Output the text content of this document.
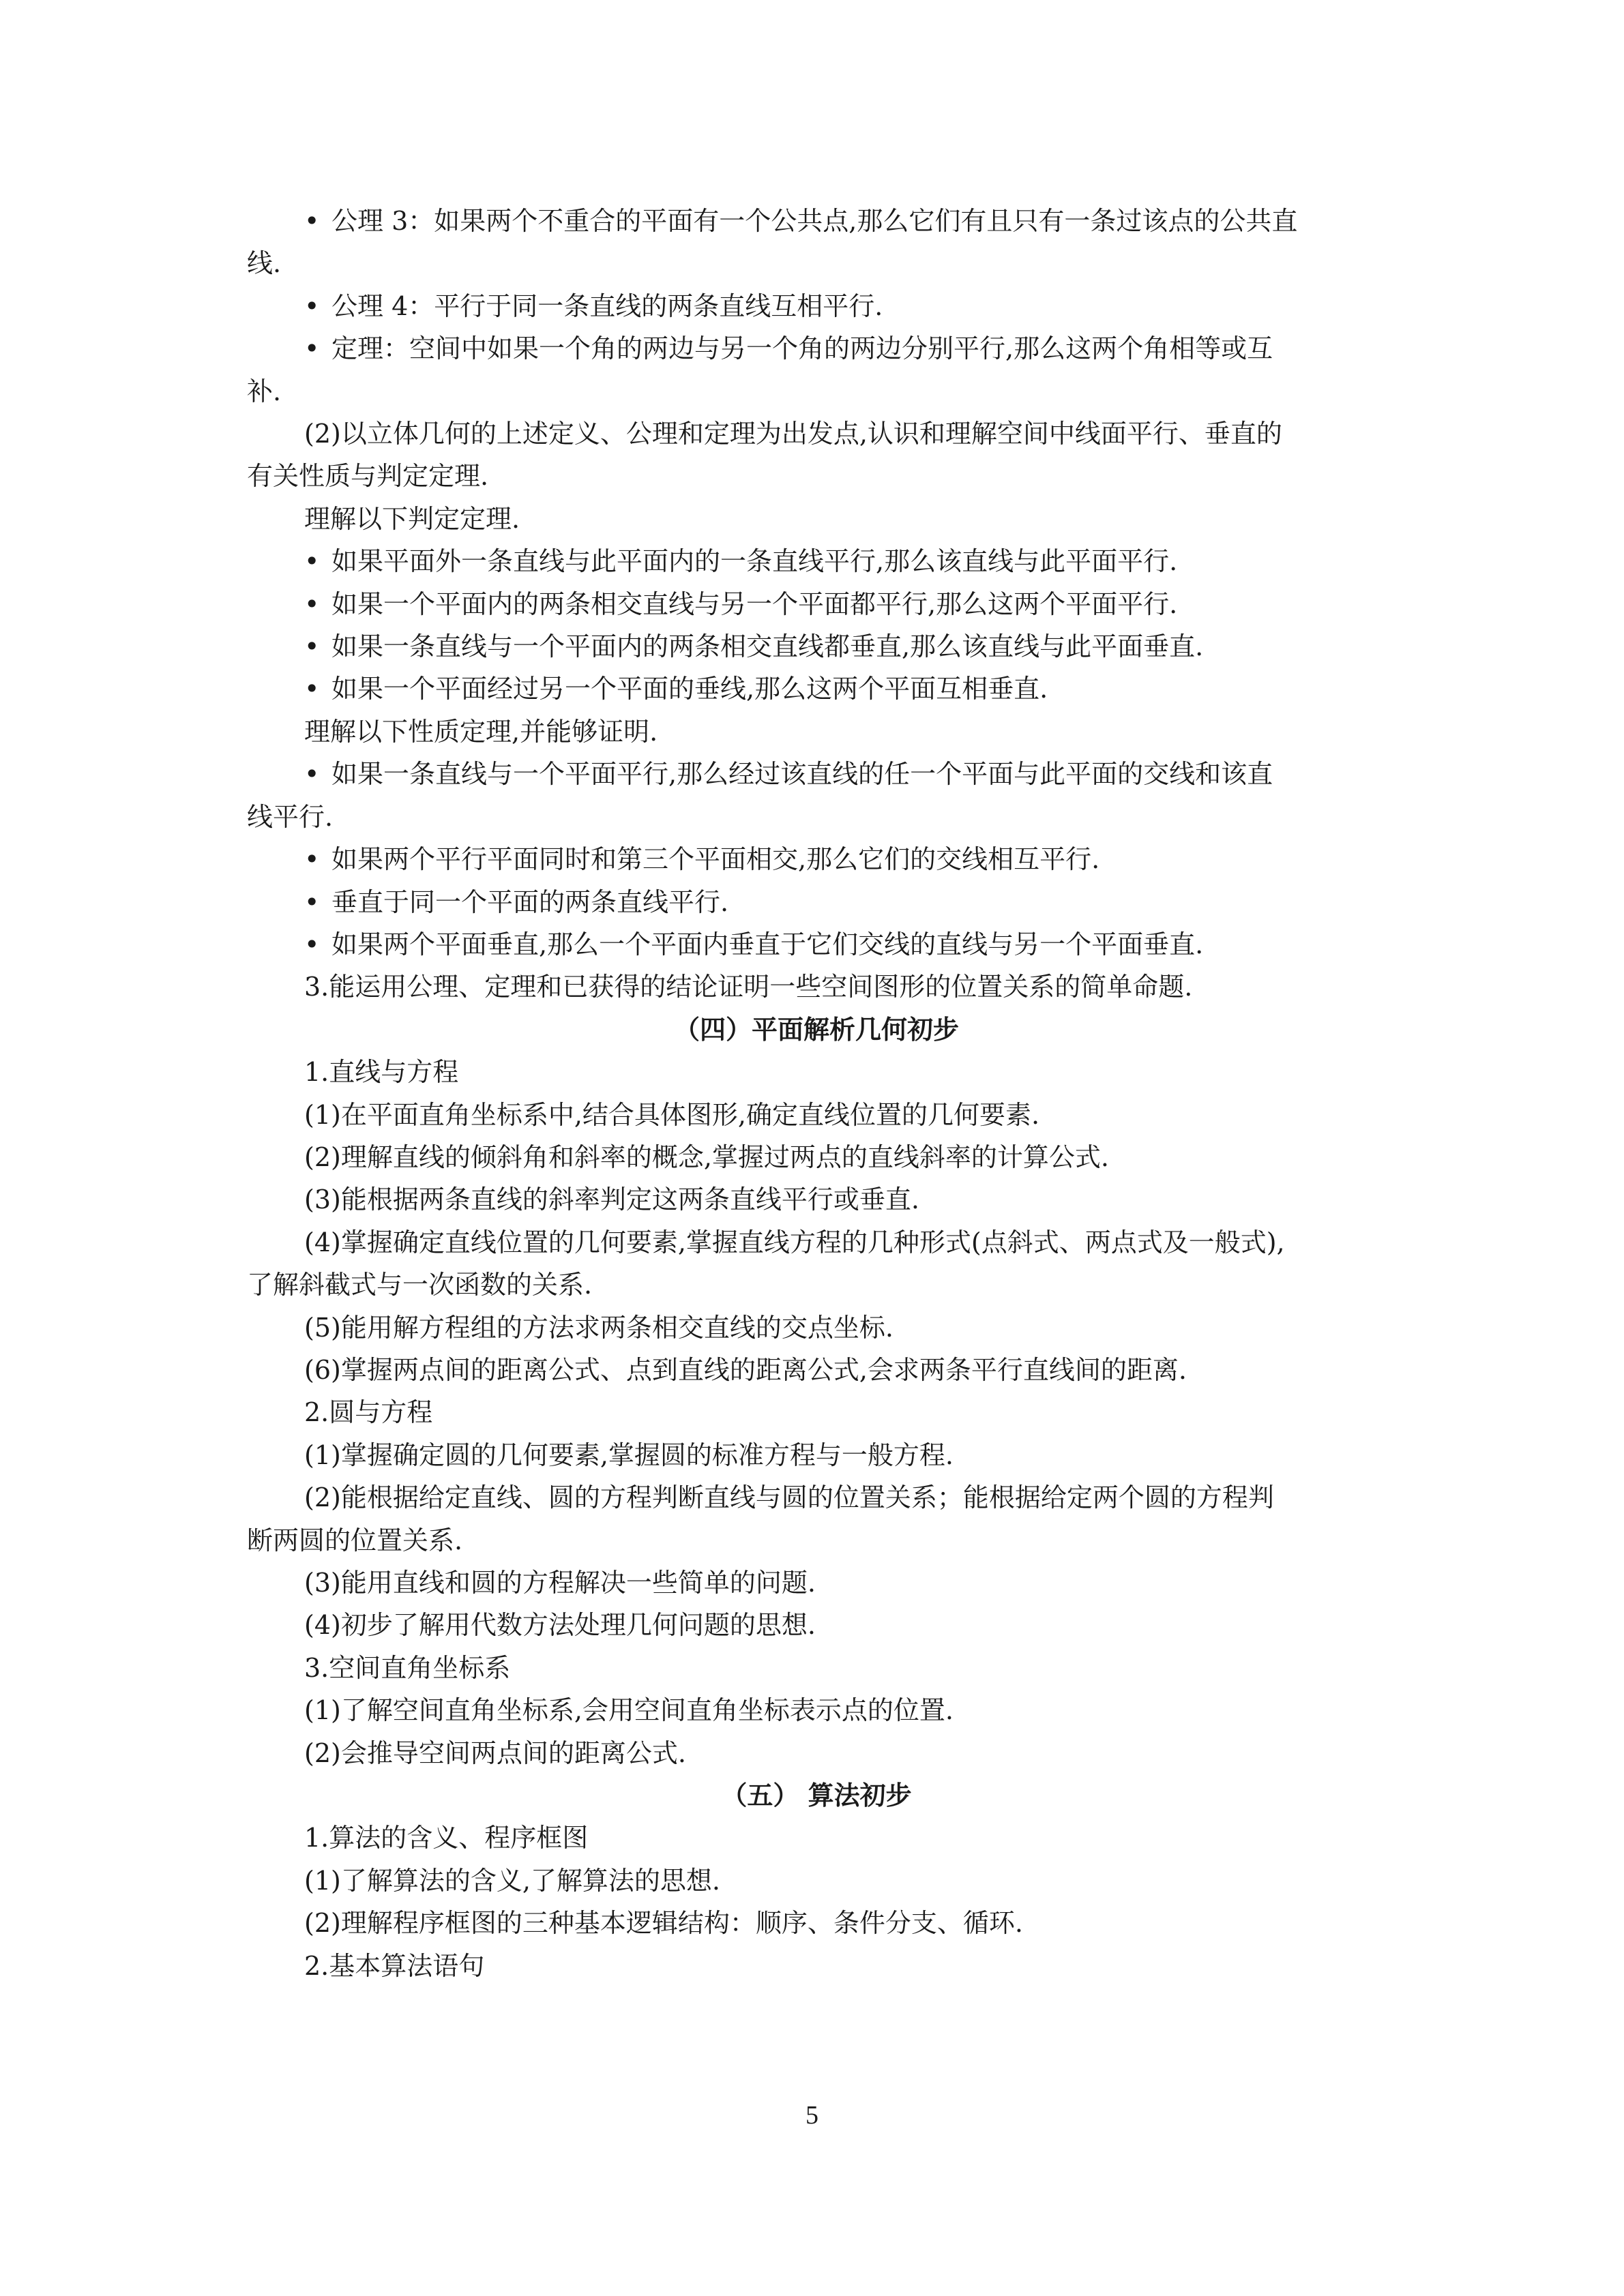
• 公理 3：如果两个不重合的平面有一个公共点,那么它们有且只有一条过该点的公共直

线.

• 公理 4：平行于同一条直线的两条直线互相平行.

• 定理：空间中如果一个角的两边与另一个角的两边分别平行,那么这两个角相等或互

补.

(2)以立体几何的上述定义、公理和定理为出发点,认识和理解空间中线面平行、垂直的

有关性质与判定定理.

理解以下判定定理.

• 如果平面外一条直线与此平面内的一条直线平行,那么该直线与此平面平行.

• 如果一个平面内的两条相交直线与另一个平面都平行,那么这两个平面平行.

• 如果一条直线与一个平面内的两条相交直线都垂直,那么该直线与此平面垂直.

• 如果一个平面经过另一个平面的垂线,那么这两个平面互相垂直.

理解以下性质定理,并能够证明.

• 如果一条直线与一个平面平行,那么经过该直线的任一个平面与此平面的交线和该直

线平行.

• 如果两个平行平面同时和第三个平面相交,那么它们的交线相互平行.

• 垂直于同一个平面的两条直线平行.

• 如果两个平面垂直,那么一个平面内垂直于它们交线的直线与另一个平面垂直.

3.能运用公理、定理和已获得的结论证明一些空间图形的位置关系的简单命题.

（四）平面解析几何初步

1.直线与方程

(1)在平面直角坐标系中,结合具体图形,确定直线位置的几何要素.

(2)理解直线的倾斜角和斜率的概念,掌握过两点的直线斜率的计算公式.

(3)能根据两条直线的斜率判定这两条直线平行或垂直.

(4)掌握确定直线位置的几何要素,掌握直线方程的几种形式(点斜式、两点式及一般式),

了解斜截式与一次函数的关系.

(5)能用解方程组的方法求两条相交直线的交点坐标.

(6)掌握两点间的距离公式、点到直线的距离公式,会求两条平行直线间的距离.

2.圆与方程

(1)掌握确定圆的几何要素,掌握圆的标准方程与一般方程.

(2)能根据给定直线、圆的方程判断直线与圆的位置关系；能根据给定两个圆的方程判

断两圆的位置关系.

(3)能用直线和圆的方程解决一些简单的问题.

(4)初步了解用代数方法处理几何问题的思想.

3.空间直角坐标系

(1)了解空间直角坐标系,会用空间直角坐标表示点的位置.

(2)会推导空间两点间的距离公式.

（五） 算法初步

1.算法的含义、程序框图

(1)了解算法的含义,了解算法的思想.

(2)理解程序框图的三种基本逻辑结构：顺序、条件分支、循环.

2.基本算法语句

5
